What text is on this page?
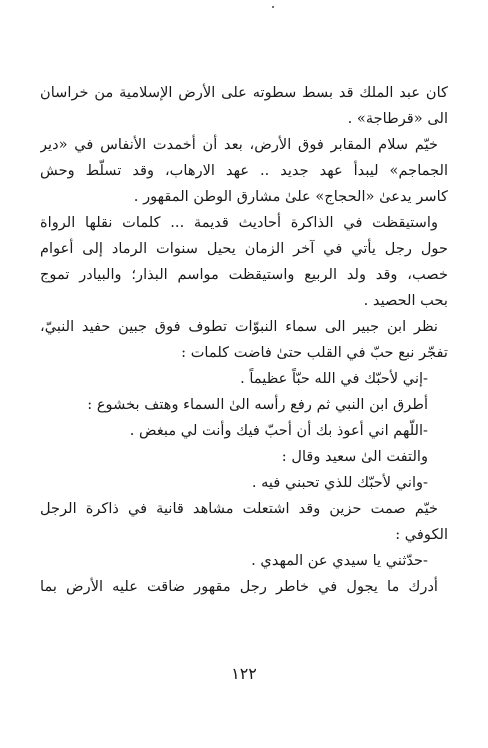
كان عبد الملك قد بسط سطوته على الأرض الإسلامية من خراسان
الى «قرطاجة» .
خيّم سلام المقابر فوق الأرض، بعد أن أخمدت الأنفاس في «دير
الجماجم» ليبدأ عهد جديد .. عهد الارهاب، وقد تسلّط وحش
كاسر يدعىٰ «الحجاج» علىٰ مشارق الوطن المقهور .
واستيقظت في الذاكرة أحاديث قديمة ... كلمات نقلها الرواة
حول رجل يأتي في آخر الزمان يحيل سنوات الرماد إلى أعوام
خصب، وقد ولد الربيع واستيقظت مواسم البذار؛ والبيادر تموج
بحب الحصيد .
نظر ابن جبير الى سماء النبوّات تطوف فوق جبين حفيد النبيّ،
تفجّر نبع حبّ في القلب حتىٰ فاضت كلمات :
-إني لأحبّك في الله حبّاً عظيماً .
أطرق ابن النبي ثم رفع رأسه الىٰ السماء وهتف بخشوع :
-اللّهم اني أعوذ بك أن أحبّ فيك وأنت لي مبغض .
والتفت الىٰ سعيد وقال :
-واني لأحبّك للذي تحبني فيه .
خيّم صمت حزين وقد اشتعلت مشاهد قانية في ذاكرة الرجل
الكوفي :
-حدّثني يا سيدي عن المهدي .
أدرك ما يجول في خاطر رجل مقهور ضاقت عليه الأرض بما
١٢٢
